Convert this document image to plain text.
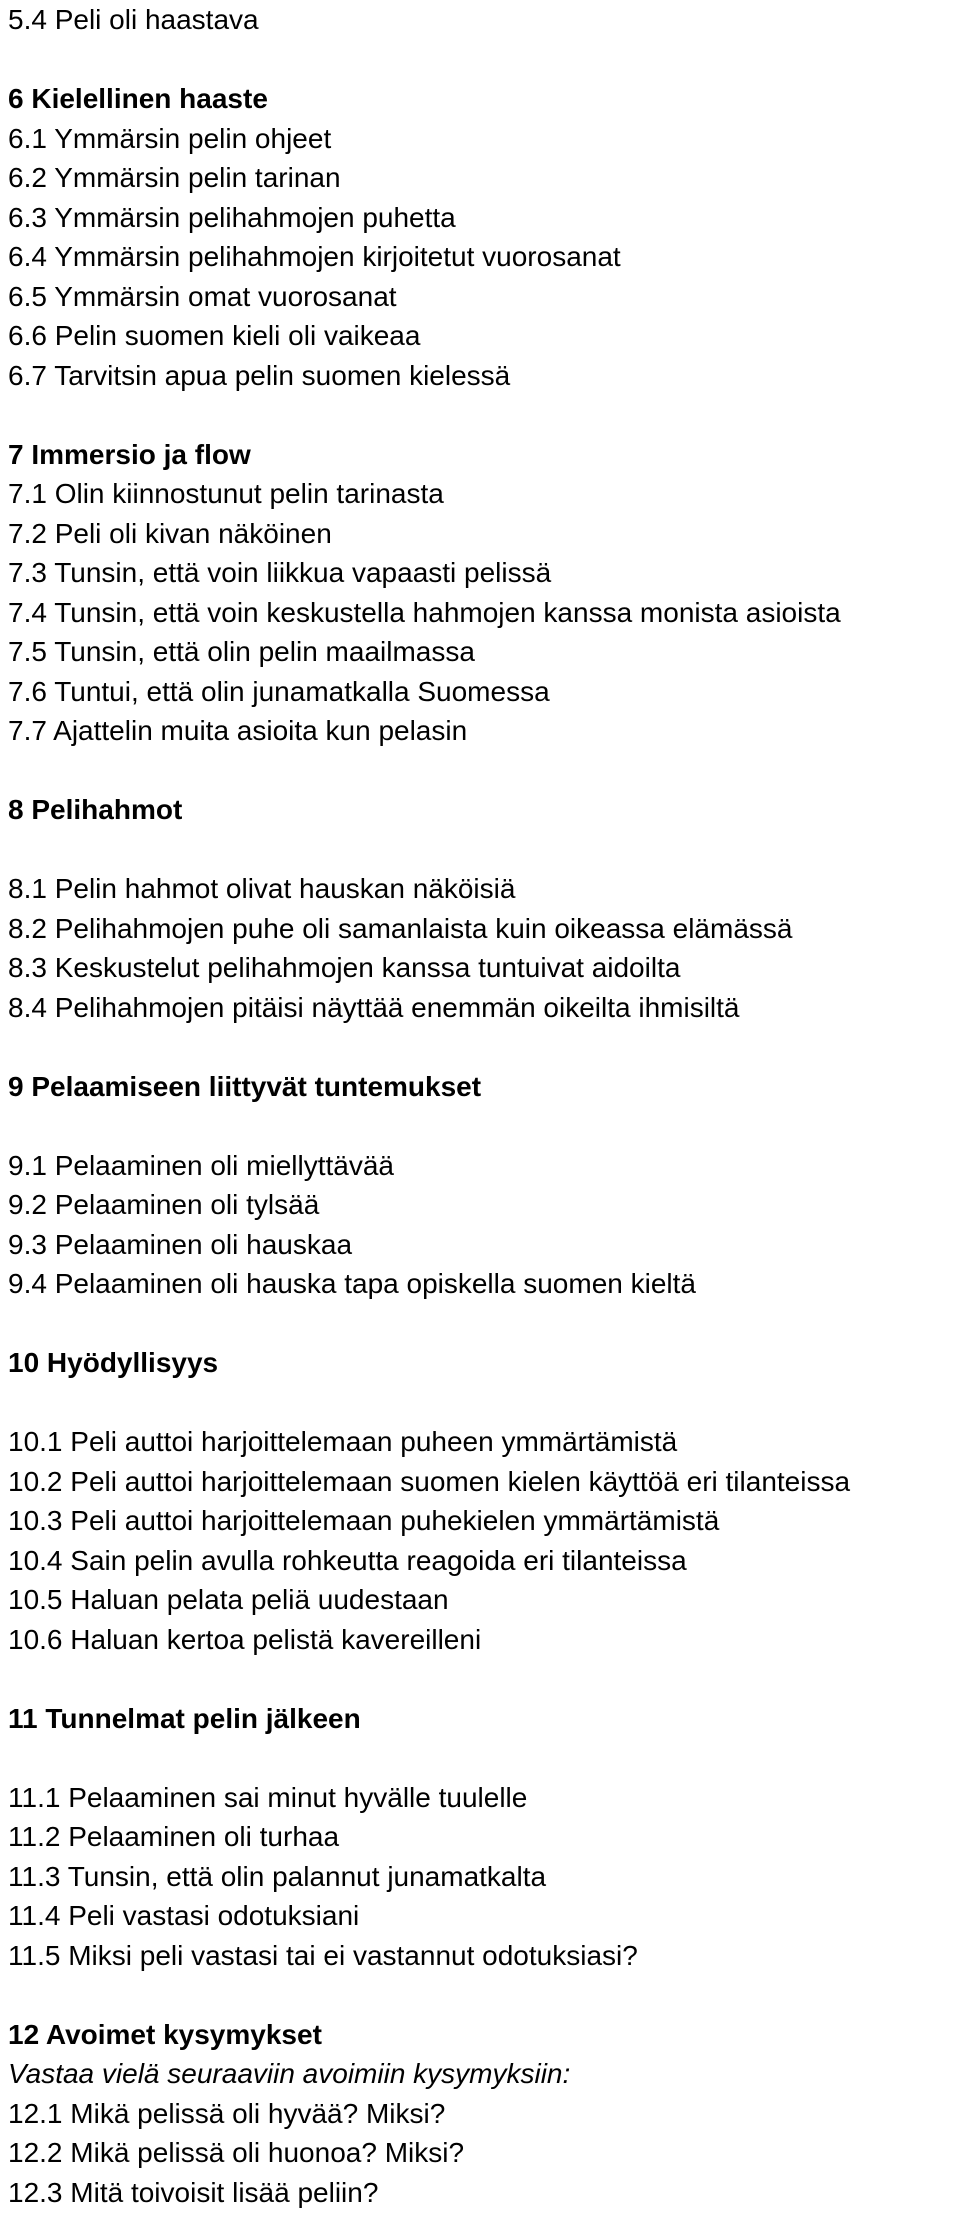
5.4 Peli oli haastava

6 Kielellinen haaste

6.1 Ymmärsin pelin ohjeet

6.2 Ymmärsin pelin tarinan

6.3 Ymmärsin pelihahmojen puhetta

6.4 Ymmärsin pelihahmojen kirjoitetut vuorosanat

6.5 Ymmärsin omat vuorosanat

6.6 Pelin suomen kieli oli vaikeaa

6.7 Tarvitsin apua pelin suomen kielessä

7 Immersio ja flow

7.1 Olin kiinnostunut pelin tarinasta

7.2 Peli oli kivan näköinen

7.3 Tunsin, että voin liikkua vapaasti pelissä

7.4 Tunsin, että voin keskustella hahmojen kanssa monista asioista

7.5 Tunsin, että olin pelin maailmassa

7.6 Tuntui, että olin junamatkalla Suomessa

7.7 Ajattelin muita asioita kun pelasin

8 Pelihahmot

8.1 Pelin hahmot olivat hauskan näköisiä

8.2 Pelihahmojen puhe oli samanlaista kuin oikeassa elämässä

8.3 Keskustelut pelihahmojen kanssa tuntuivat aidoilta

8.4 Pelihahmojen pitäisi näyttää enemmän oikeilta ihmisiltä

9 Pelaamiseen liittyvät tuntemukset

9.1 Pelaaminen oli miellyttävää

9.2 Pelaaminen oli tylsää

9.3 Pelaaminen oli hauskaa

9.4 Pelaaminen oli hauska tapa opiskella suomen kieltä

10 Hyödyllisyys

10.1 Peli auttoi harjoittelemaan puheen ymmärtämistä

10.2 Peli auttoi harjoittelemaan suomen kielen käyttöä eri tilanteissa

10.3 Peli auttoi harjoittelemaan puhekielen ymmärtämistä

10.4 Sain pelin avulla rohkeutta reagoida eri tilanteissa

10.5 Haluan pelata peliä uudestaan

10.6 Haluan kertoa pelistä kavereilleni

11 Tunnelmat pelin jälkeen

11.1 Pelaaminen sai minut hyvälle tuulelle

11.2 Pelaaminen oli turhaa

11.3 Tunsin, että olin palannut junamatkalta

11.4 Peli vastasi odotuksiani

11.5 Miksi peli vastasi tai ei vastannut odotuksiasi?

12 Avoimet kysymykset

Vastaa vielä seuraaviin avoimiin kysymyksiin:

12.1 Mikä pelissä oli hyvää? Miksi?

12.2 Mikä pelissä oli huonoa? Miksi?

12.3 Mitä toivoisit lisää peliin?
